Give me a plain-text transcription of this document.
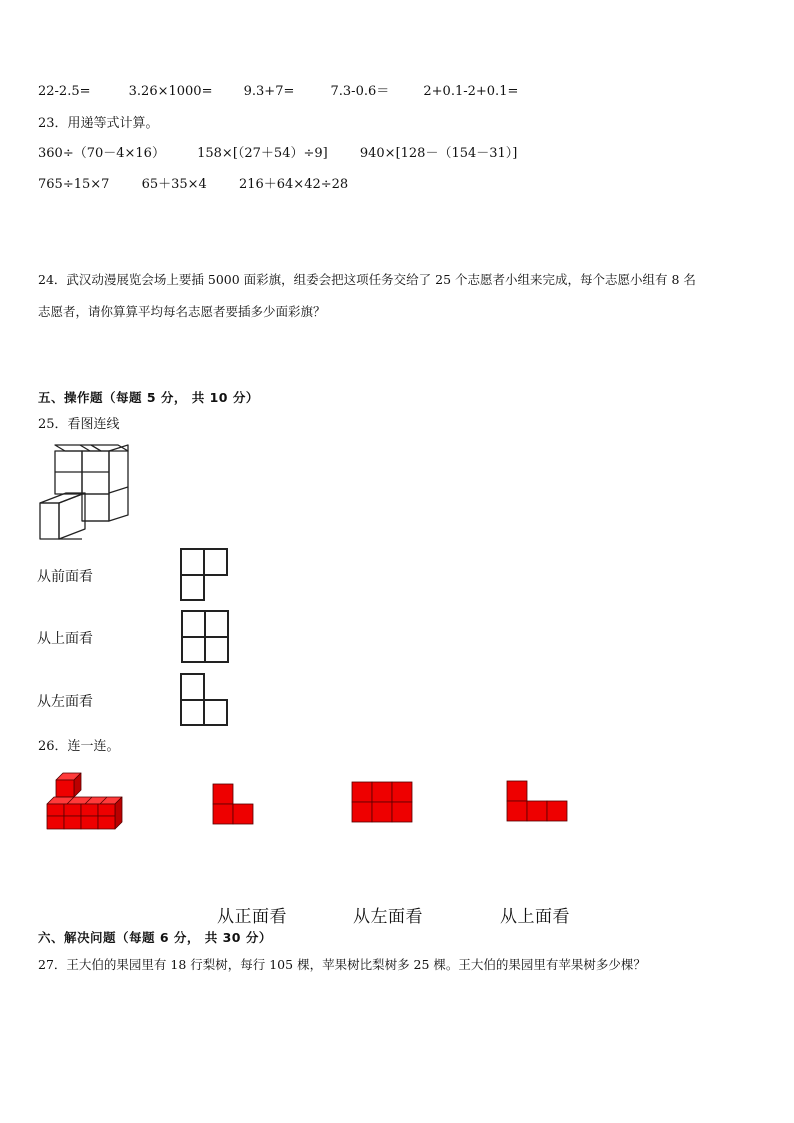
22-2.5=	3.26×1000= 9.3+7=	7.3-0.6＝	2+0.1-2+0.1=
23．用递等式计算。
360÷（70－4×16） 158×[（27＋54）÷9] 940×[128－（154－31）]
765÷15×7 65＋35×4 216＋64×42÷28
24．武汉动漫展览会场上要插 5000 面彩旗，组委会把这项任务交给了 25 个志愿者小组来完成，每个志愿小组有 8 名
志愿者，请你算算平均每名志愿者要插多少面彩旗？
五、操作题（每题 5 分， 共 10 分）
25．看图连线
从前面看
从上面看
从左面看
26．连一连。
从正面看	从左面看	从上面看
六、解决问题（每题 6 分， 共 30 分）
27．王大伯的果园里有 18 行梨树，每行 105 棵，苹果树比梨树多 25 棵。王大伯的果园里有苹果树多少棵？
